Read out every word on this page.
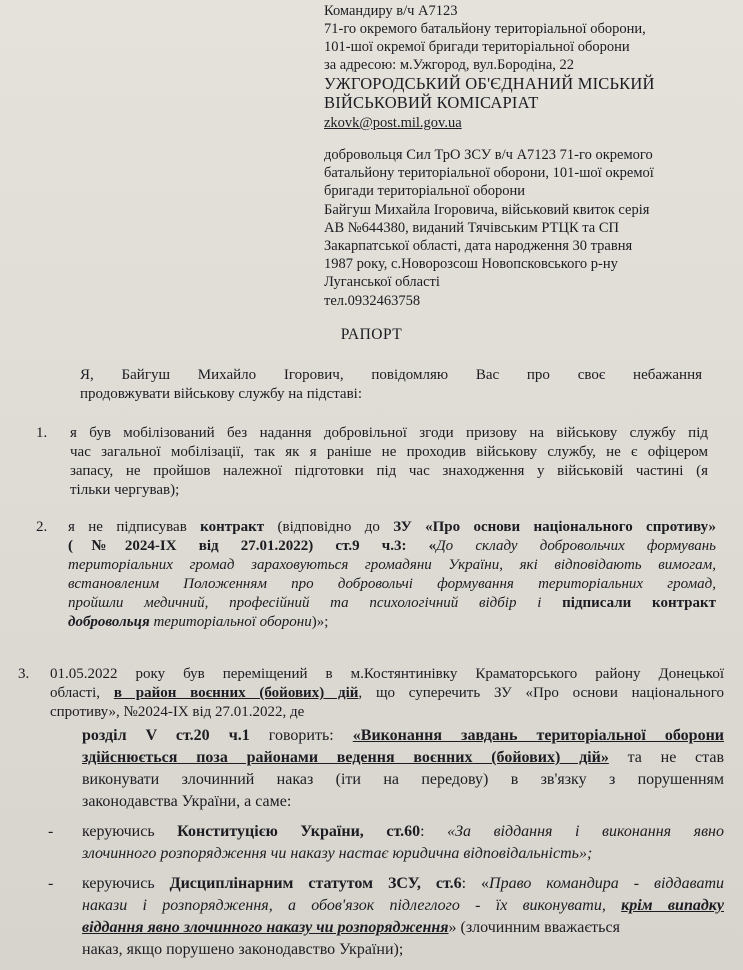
Командиру в/ч А7123
71-го окремого батальйону територіальної оборони,
101-шої окремої бригади територіальної оборони
за адресою: м.Ужгород, вул.Бородіна, 22
УЖГОРОДСЬКИЙ ОБ'ЄДНАНИЙ МІСЬКИЙ
ВІЙСЬКОВИЙ КОМІСАРІАТ
zkovk@post.mil.gov.ua
добровольця Сил ТрО ЗСУ в/ч А7123 71-го окремого
батальйону територіальної оборони, 101-шої окремої
бригади територіальної оборони
Байгуш Михайла Ігоровича, військовий квиток серія
АВ №644380, виданий Тячівським РТЦК та СП
Закарпатської області, дата народження 30 травня
1987 року, с.Новорозсош Новопсковського р-ну
Луганської області
тел.0932463758
РАПОРТ
Я, Байгуш Михайло Ігорович, повідомляю Вас про своє небажання
продовжувати військову службу на підставі:
1. я був мобілізований без надання добровільної згоди призову на військову службу під
час загальної мобілізації, так як я раніше не проходив військову службу, не є офіцером
запасу, не пройшов належної підготовки під час знаходження у військовій частині (я
тільки чергував);
2. я не підписував контракт (відповідно до ЗУ «Про основи національного спротиву»
(№2024-IX від 27.01.2022) ст.9 ч.3: «До складу добровольчих формувань
територіальних громад зараховуються громадяни України, які відповідають вимогам,
встановленим Положенням про добровольчі формування територіальних громад,
пройшли медичний, професійний та психологічний відбір і підписали контракт
добровольця територіальної оборони)»;
3. 01.05.2022 року був переміщений в м.Костянтинівку Краматорського району Донецької
області, в район воєнних (бойових) дій, що суперечить ЗУ «Про основи національного
спротиву», №2024-IX від 27.01.2022, де
розділ V ст.20 ч.1 говорить: «Виконання завдань територіальної оборони
здійснюється поза районами ведення воєнних (бойових) дій» та не став
виконувати злочинний наказ (іти на передову) в зв'язку з порушенням
законодавства України, а саме:
- керуючись Конституцією України, ст.60: «За віддання і виконання явно
злочинного розпорядження чи наказу настає юридична відповідальність»;
- керуючись Дисциплінарним статутом ЗСУ, ст.6: «Право командира - віддавати
накази і розпорядження, а обов'язок підлеглого - їх виконувати, крім випадку
віддання явно злочинного наказу чи розпорядження» (злочинним вважається
наказ, якщо порушено законодавство України);
